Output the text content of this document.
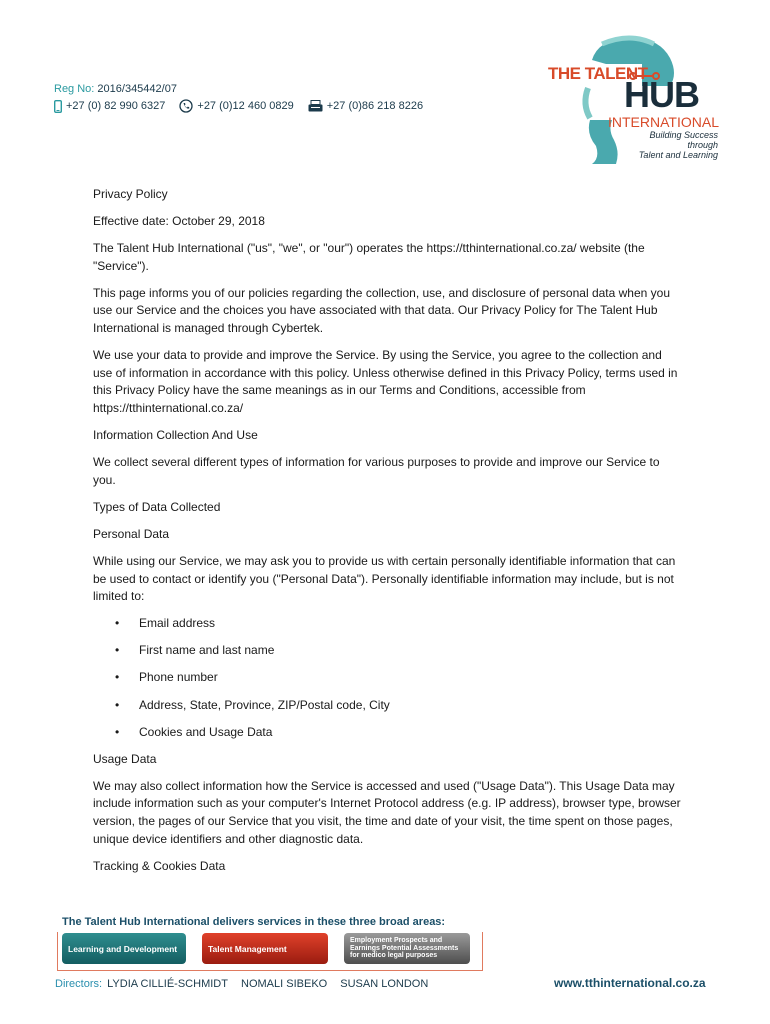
Reg No: 2016/345442/07
+27 (0) 82 990 6327	+27 (0)12 460 0829	+27 (0)86 218 8226
THE TALENT
HUB
INTERNATIONAL
Building Success through
Talent and Learning

Privacy Policy

Effective date: October 29, 2018

The Talent Hub International ("us", "we", or "our") operates the https://tthinternational.co.za/ website (the "Service").

This page informs you of our policies regarding the collection, use, and disclosure of personal data when you use our Service and the choices you have associated with that data. Our Privacy Policy for The Talent Hub International is managed through Cybertek.

We use your data to provide and improve the Service. By using the Service, you agree to the collection and use of information in accordance with this policy. Unless otherwise defined in this Privacy Policy, terms used in this Privacy Policy have the same meanings as in our Terms and Conditions, accessible from https://tthinternational.co.za/

Information Collection And Use

We collect several different types of information for various purposes to provide and improve our Service to you.

Types of Data Collected

Personal Data

While using our Service, we may ask you to provide us with certain personally identifiable information that can be used to contact or identify you ("Personal Data"). Personally identifiable information may include, but is not limited to:

• Email address
• First name and last name
• Phone number
• Address, State, Province, ZIP/Postal code, City
• Cookies and Usage Data

Usage Data

We may also collect information how the Service is accessed and used ("Usage Data"). This Usage Data may include information such as your computer's Internet Protocol address (e.g. IP address), browser type, browser version, the pages of our Service that you visit, the time and date of your visit, the time spent on those pages, unique device identifiers and other diagnostic data.

Tracking & Cookies Data

The Talent Hub International delivers services in these three broad areas:
Learning and Development	Talent Management
Employment Prospects and Earnings Potential Assessments for medico legal purposes
Directors: LYDIA CILLIÉ-SCHMIDT NOMALI SIBEKO SUSAN LONDON	www.tthinternational.co.za
